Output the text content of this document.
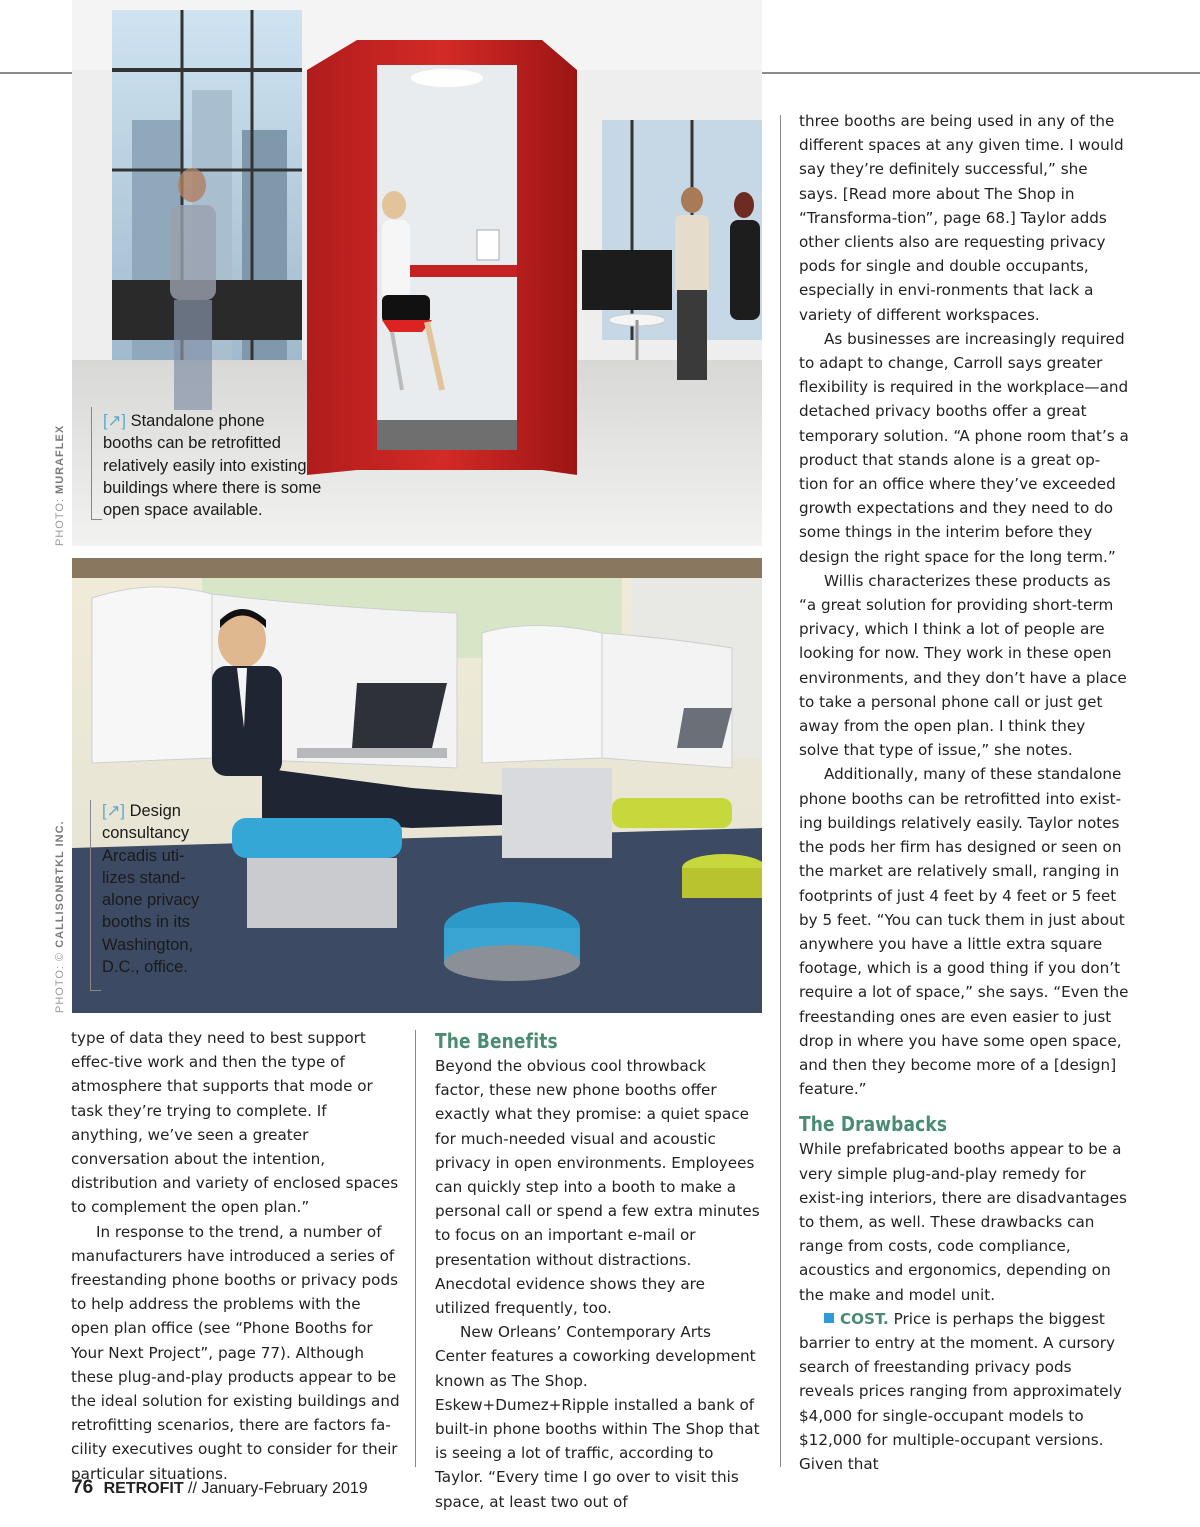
[↗] Standalone phone
booths can be retrofitted
relatively easily into existing
buildings where there is some
open space available.
PHOTO: MURAFLEX
[↗] Design
consultancy
Arcadis uti-
lizes stand-
alone privacy
booths in its
Washington,
D.C., office.
PHOTO: © CALLISONRTKL INC.

type of data they need to best support effec-tive work and then the type of atmosphere that supports that mode or task they’re trying to complete. If anything, we’ve seen a greater conversation about the intention, distribution and variety of enclosed spaces to complement the open plan.”

In response to the trend, a number of manufacturers have introduced a series of freestanding phone booths or privacy pods to help address the problems with the open plan office (see “Phone Booths for Your Next Project”, page 77). Although these plug-and-play products appear to be the ideal solution for existing buildings and retrofitting scenarios, there are factors fa-cility executives ought to consider for their particular situations.

The Benefits

Beyond the obvious cool throwback factor, these new phone booths offer exactly what they promise: a quiet space for much-needed visual and acoustic privacy in open environments. Employees can quickly step into a booth to make a personal call or spend a few extra minutes to focus on an important e-mail or presentation without distractions. Anecdotal evidence shows they are utilized frequently, too.

New Orleans’ Contemporary Arts Center features a coworking development known as The Shop. Eskew+Dumez+Ripple installed a bank of built-in phone booths within The Shop that is seeing a lot of traffic, according to Taylor. “Every time I go over to visit this space, at least two out of

three booths are being used in any of the different spaces at any given time. I would say they’re definitely successful,” she says. [Read more about The Shop in “Transforma-tion”, page 68.] Taylor adds other clients also are requesting privacy pods for single and double occupants, especially in envi-ronments that lack a variety of different workspaces.

As businesses are increasingly required to adapt to change, Carroll says greater flexibility is required in the workplace—and detached privacy booths offer a great temporary solution. “A phone room that’s a product that stands alone is a great op-tion for an office where they’ve exceeded growth expectations and they need to do some things in the interim before they design the right space for the long term.”

Willis characterizes these products as “a great solution for providing short-term privacy, which I think a lot of people are looking for now. They work in these open environments, and they don’t have a place to take a personal phone call or just get away from the open plan. I think they solve that type of issue,” she notes.

Additionally, many of these standalone phone booths can be retrofitted into exist-ing buildings relatively easily. Taylor notes the pods her firm has designed or seen on the market are relatively small, ranging in footprints of just 4 feet by 4 feet or 5 feet by 5 feet. “You can tuck them in just about anywhere you have a little extra square footage, which is a good thing if you don’t require a lot of space,” she says. “Even the freestanding ones are even easier to just drop in where you have some open space, and then they become more of a [design] feature.”

The Drawbacks

While prefabricated booths appear to be a very simple plug-and-play remedy for exist-ing interiors, there are disadvantages to them, as well. These drawbacks can range from costs, code compliance, acoustics and ergonomics, depending on the make and model unit.

COST. Price is perhaps the biggest barrier to entry at the moment. A cursory search of freestanding privacy pods reveals prices ranging from approximately $4,000 for single-occupant models to $12,000 for multiple-occupant versions. Given that

76 RETROFIT // January-February 2019
